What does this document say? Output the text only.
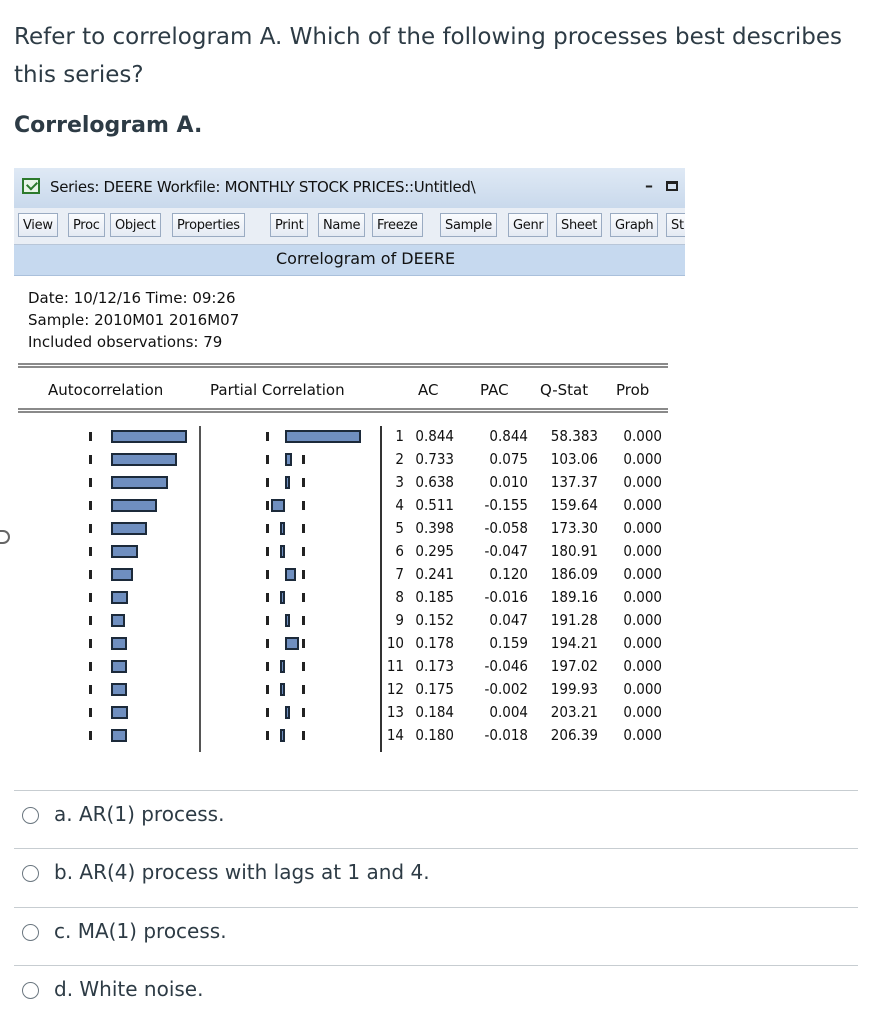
Refer to correlogram A. Which of the following processes best describes this series?
Correlogram A.
Series: DEERE Workfile: MONTHLY STOCK PRICES::Untitled\	–
View	Proc	Object	Properties	Print	Name	Freeze	Sample	Genr	Sheet	Graph	St
Correlogram of DEERE
Date: 10/12/16 Time: 09:26
Sample: 2010M01 2016M07
Included observations: 79
Autocorrelation	Partial Correlation	AC	PAC Q-Stat Prob
1 0.844	0.844	58.383	0.000
2 0.733	0.075	103.06	0.000
3 0.638	0.010	137.37	0.000
4 0.511	-0.155	159.64	0.000
5 0.398	-0.058	173.30	0.000
6 0.295	-0.047	180.91	0.000
7 0.241	0.120	186.09	0.000
8 0.185	-0.016	189.16	0.000
9 0.152	0.047	191.28	0.000
10 0.178	0.159	194.21	0.000
11 0.173	-0.046	197.02	0.000
12 0.175	-0.002	199.93	0.000
13 0.184	0.004	203.21	0.000
14 0.180	-0.018	206.39	0.000
a. AR(1) process.
b. AR(4) process with lags at 1 and 4.
c. MA(1) process.
d. White noise.
